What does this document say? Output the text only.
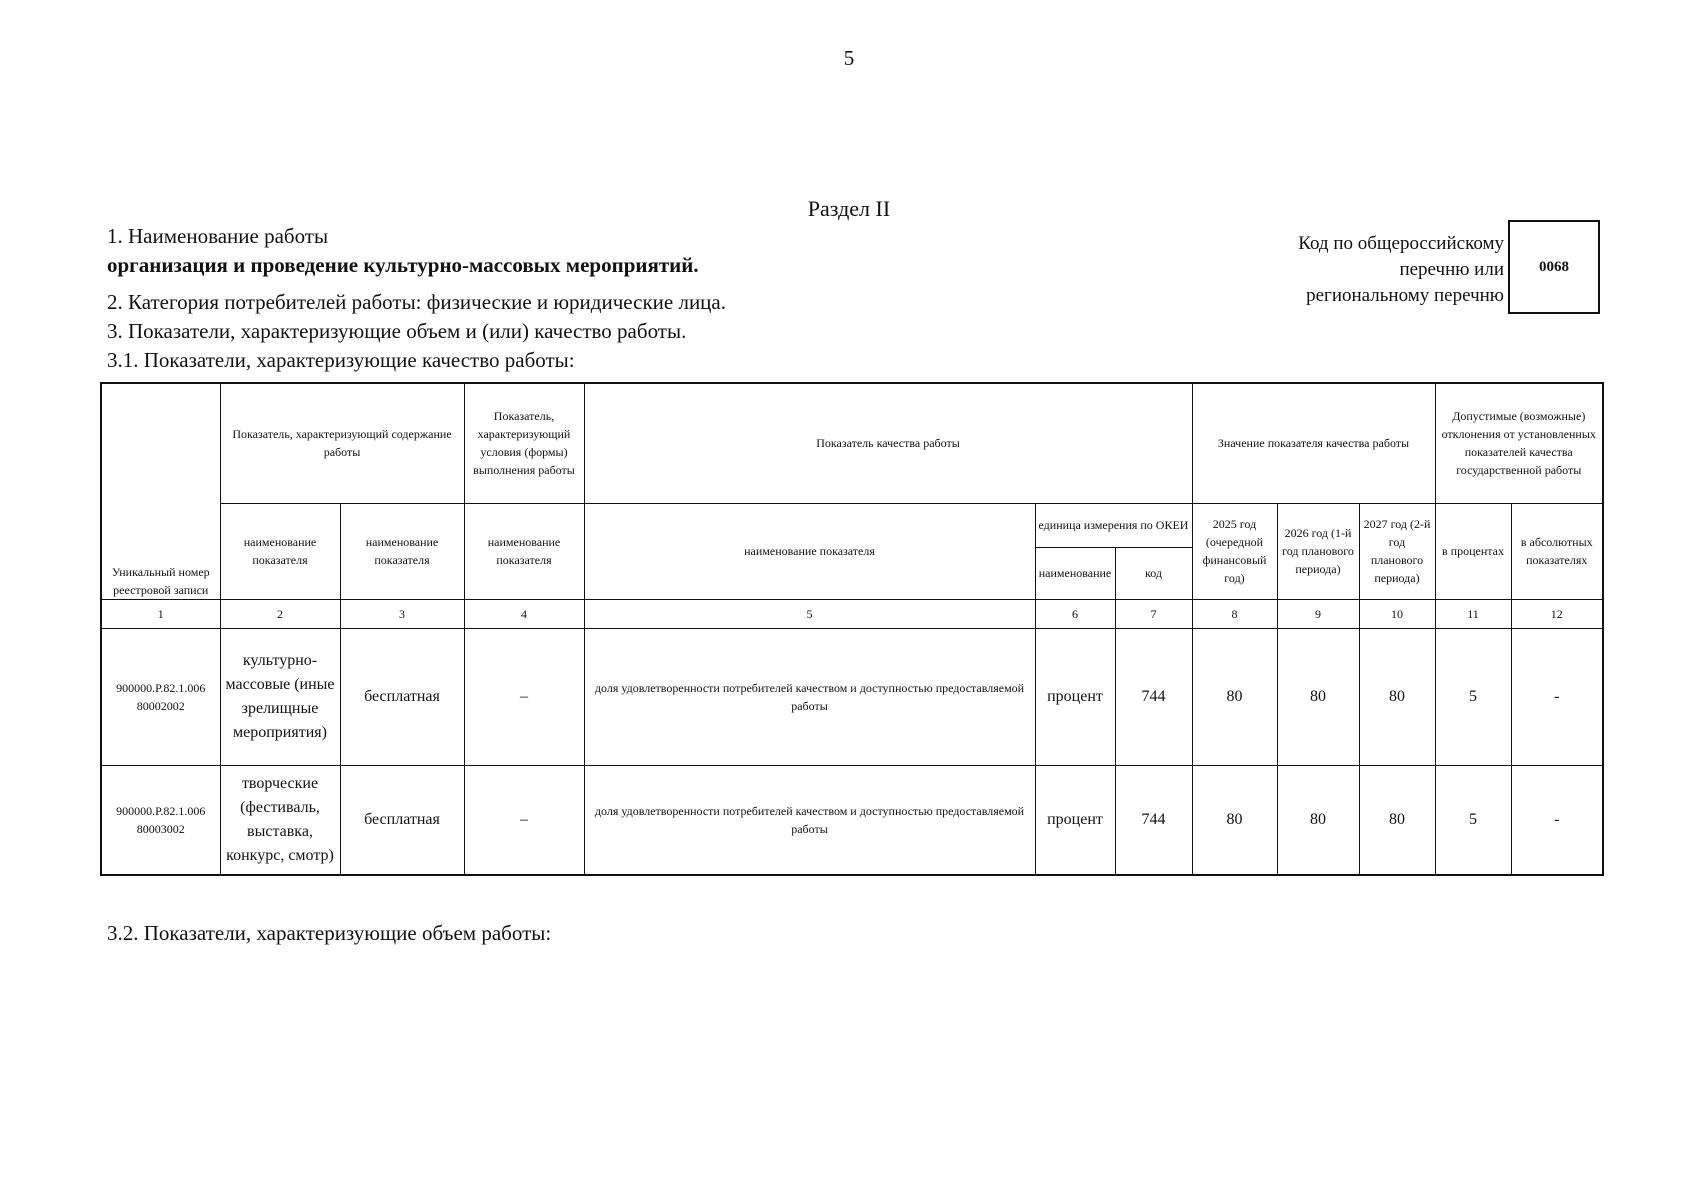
5
Раздел II
1. Наименование работы
организация и проведение культурно-массовых мероприятий.
2. Категория потребителей работы: физические и юридические лица.
3. Показатели, характеризующие объем и (или) качество работы.
3.1. Показатели, характеризующие качество работы:
Код по общероссийскому
перечню или
региональному перечню
0068
Уникальный номер реестровой записи	Показатель, характеризующий содержание работы		Показатель, характеризующий условия (формы) выполнения работы	Показатель качества работы			Значение показателя качества работы			Допустимые (возможные) отклонения от установленных показателей качества государственной работы	
	наименование показателя	наименование показателя	наименование показателя	наименование показателя	единица измерения по ОКЕИ		2025 год (очередной финансовый год)	2026 год (1-й год планового периода)	2027 год (2-й год планового периода)	в процентах	в абсолютных показателях
					наименование	код					
1	2	3	4	5	6	7	8	9	10	11	12
900000.Р.82.1.006 80002002	культурно-массовые (иные зрелищные мероприятия)	бесплатная	–	доля удовлетворенности потребителей качеством и доступностью предоставляемой работы	процент	744	80	80	80	5	-
900000.Р.82.1.006 80003002	творческие (фестиваль, выставка, конкурс, смотр)	бесплатная	–	доля удовлетворенности потребителей качеством и доступностью предоставляемой работы	процент	744	80	80	80	5	-
3.2. Показатели, характеризующие объем работы:
